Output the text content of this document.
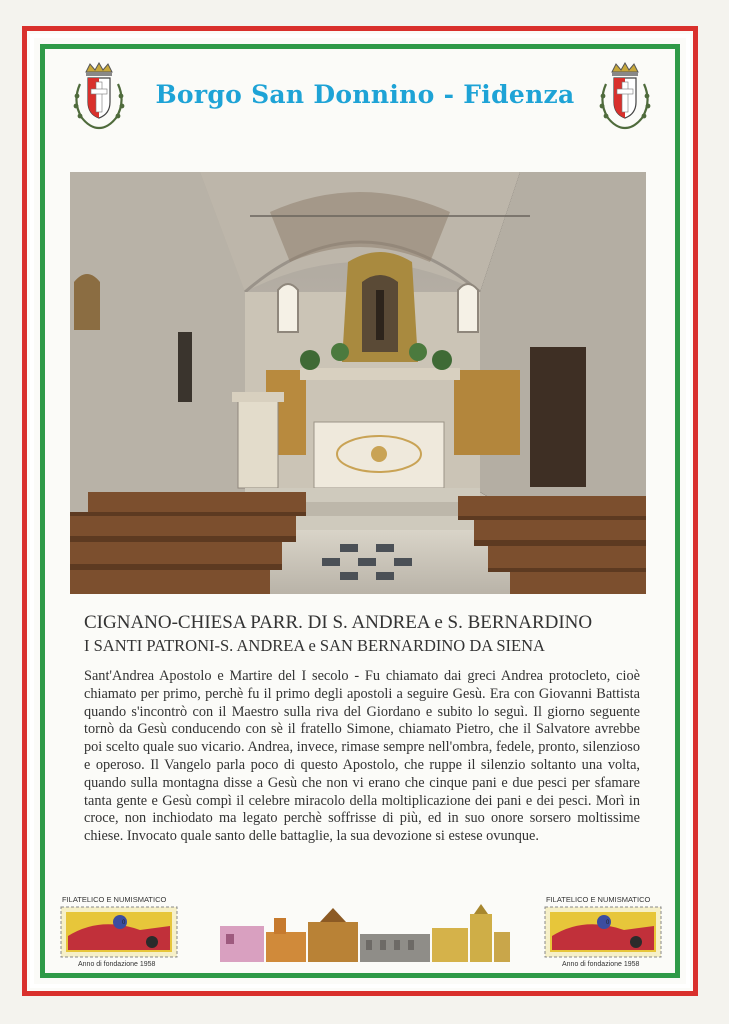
Borgo San Donnino - Fidenza
CIGNANO-CHIESA PARR. DI S. ANDREA e S. BERNARDINO
I SANTI PATRONI-S. ANDREA e SAN BERNARDINO DA SIENA

Sant'Andrea Apostolo e Martire del I secolo - Fu chiamato dai greci Andrea protocleto, cioè chiamato per primo, perchè fu il primo degli apostoli a seguire Gesù. Era con Giovanni Battista quando s'incontrò con il Maestro sulla riva del Giordano e subito lo seguì. Il giorno seguente tornò da Gesù conducendo con sè il fratello Simone, chiamato Pietro, che il Salvatore avrebbe poi scelto quale suo vicario. Andrea, invece, rimase sempre nell'ombra, fedele, pronto, silenzioso e operoso. Il Vangelo parla poco di questo Apostolo, che ruppe il silenzio soltanto una volta, quando sulla montagna disse a Gesù che non vi erano che cinque pani e due pesci per sfamare tanta gente e Gesù compì il celebre miracolo della moltiplicazione dei pani e dei pesci. Morì in croce, non inchiodato ma legato perchè soffrisse di più, ed in suo onore sorsero moltissime chiese. Invocato quale santo delle battaglie, la sua devozione si estese ovunque.

FILATELICO E NUMISMATICO
0
Anno di fondazione 1958
FILATELICO E NUMISMATICO
0
Anno di fondazione 1958
